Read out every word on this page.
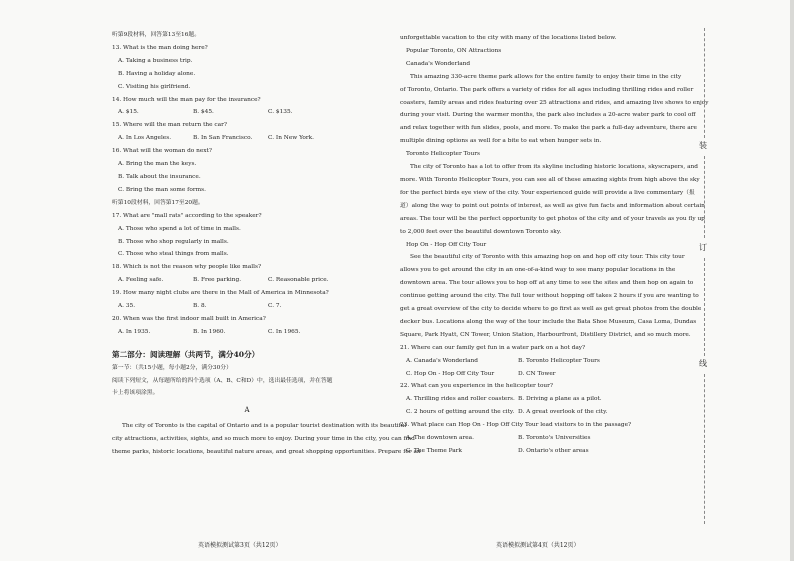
听第9段材料，回答第13至16题。
13. What is the man doing here?
A. Taking a business trip.
B. Having a holiday alone.
C. Visiting his girlfriend.
14. How much will the man pay for the insurance?
A. $15.	B. $45.	C. $135.
15. Where will the man return the car?
A. In Los Angeles.	B. In San Francisco.	C. In New York.
16. What will the woman do next?
A. Bring the man the keys.
B. Talk about the insurance.
C. Bring the man some forms.
听第10段材料，回答第17至20题。
17. What are "mall rats" according to the speaker?
A. Those who spend a lot of time in malls.
B. Those who shop regularly in malls.
C. Those who steal things from malls.
18. Which is not the reason why people like malls?
A. Feeling safe.	B. Free parking.	C. Reasonable price.
19. How many night clubs are there in the Mall of America in Minnesota?
A. 35.	B. 8.	C. 7.
20. When was the first indoor mall built in America?
A. In 1935.	B. In 1960.	C. In 1965.
第二部分：阅读理解（共两节，满分40分）
第一节：（共15小题，每小题2分，满分30分）
阅读下列短文，从每题所给的四个选项（A、B、C和D）中，选出最佳选项，并在答题
卡上将该项涂黑。
A
The city of Toronto is the capital of Ontario and is a popular tourist destination with its beautiful
city attractions, activities, sights, and so much more to enjoy. During your time in the city, you can find
theme parks, historic locations, beautiful nature areas, and great shopping opportunities. Prepare for an
英语模拟测试第3页（共12页）
unforgettable vacation to the city with many of the locations listed below.
Popular Toronto, ON Attractions
Canada's Wonderland
This amazing 330-acre theme park allows for the entire family to enjoy their time in the city
of Toronto, Ontario. The park offers a variety of rides for all ages including thrilling rides and roller
coasters, family areas and rides featuring over 25 attractions and rides, and amazing live shows to enjoy
during your visit. During the warmer months, the park also includes a 20-acre water park to cool off
and relax together with fun slides, pools, and more. To make the park a full-day adventure, there are
multiple dining options as well for a bite to eat when hunger sets in.
Toronto Helicopter Tours
The city of Toronto has a lot to offer from its skyline including historic locations, skyscrapers, and
more. With Toronto Helicopter Tours, you can see all of these amazing sights from high above the sky
for the perfect birds eye view of the city. Your experienced guide will provide a live commentary（报
道）along the way to point out points of interest, as well as give fun facts and information about certain
areas. The tour will be the perfect opportunity to get photos of the city and of your travels as you fly up
to 2,000 feet over the beautiful downtown Toronto sky.
Hop On - Hop Off City Tour
See the beautiful city of Toronto with this amazing hop on and hop off city tour. This city tour
allows you to get around the city in an one-of-a-kind way to see many popular locations in the
downtown area. The tour allows you to hop off at any time to see the sites and then hop on again to
continue getting around the city. The full tour without hopping off takes 2 hours if you are wanting to
get a great overview of the city to decide where to go first as well as get great photos from the double
decker bus. Locations along the way of the tour include the Bata Shoe Museum, Casa Loma, Dundas
Square, Park Hyatt, CN Tower, Union Station, Harbourfront, Distillery District, and so much more.
21. Where can our family get fun in a water park on a hot day?
A. Canada's Wonderland	B. Toronto Helicopter Tours
C. Hop On - Hop Off City Tour	D. CN Tower
22. What can you experience in the helicopter tour?
A. Thrilling rides and roller coasters. B. Driving a plane as a pilot.
C. 2 hours of getting around the city. D. A great overlook of the city.
23. What place can Hop On - Hop Off City Tour lead visitors to in the passage?
A. The downtown area.	B. Toronto's Universities
C. The Theme Park	D. Ontario's other areas
英语模拟测试第4页（共12页）
装
订
线
